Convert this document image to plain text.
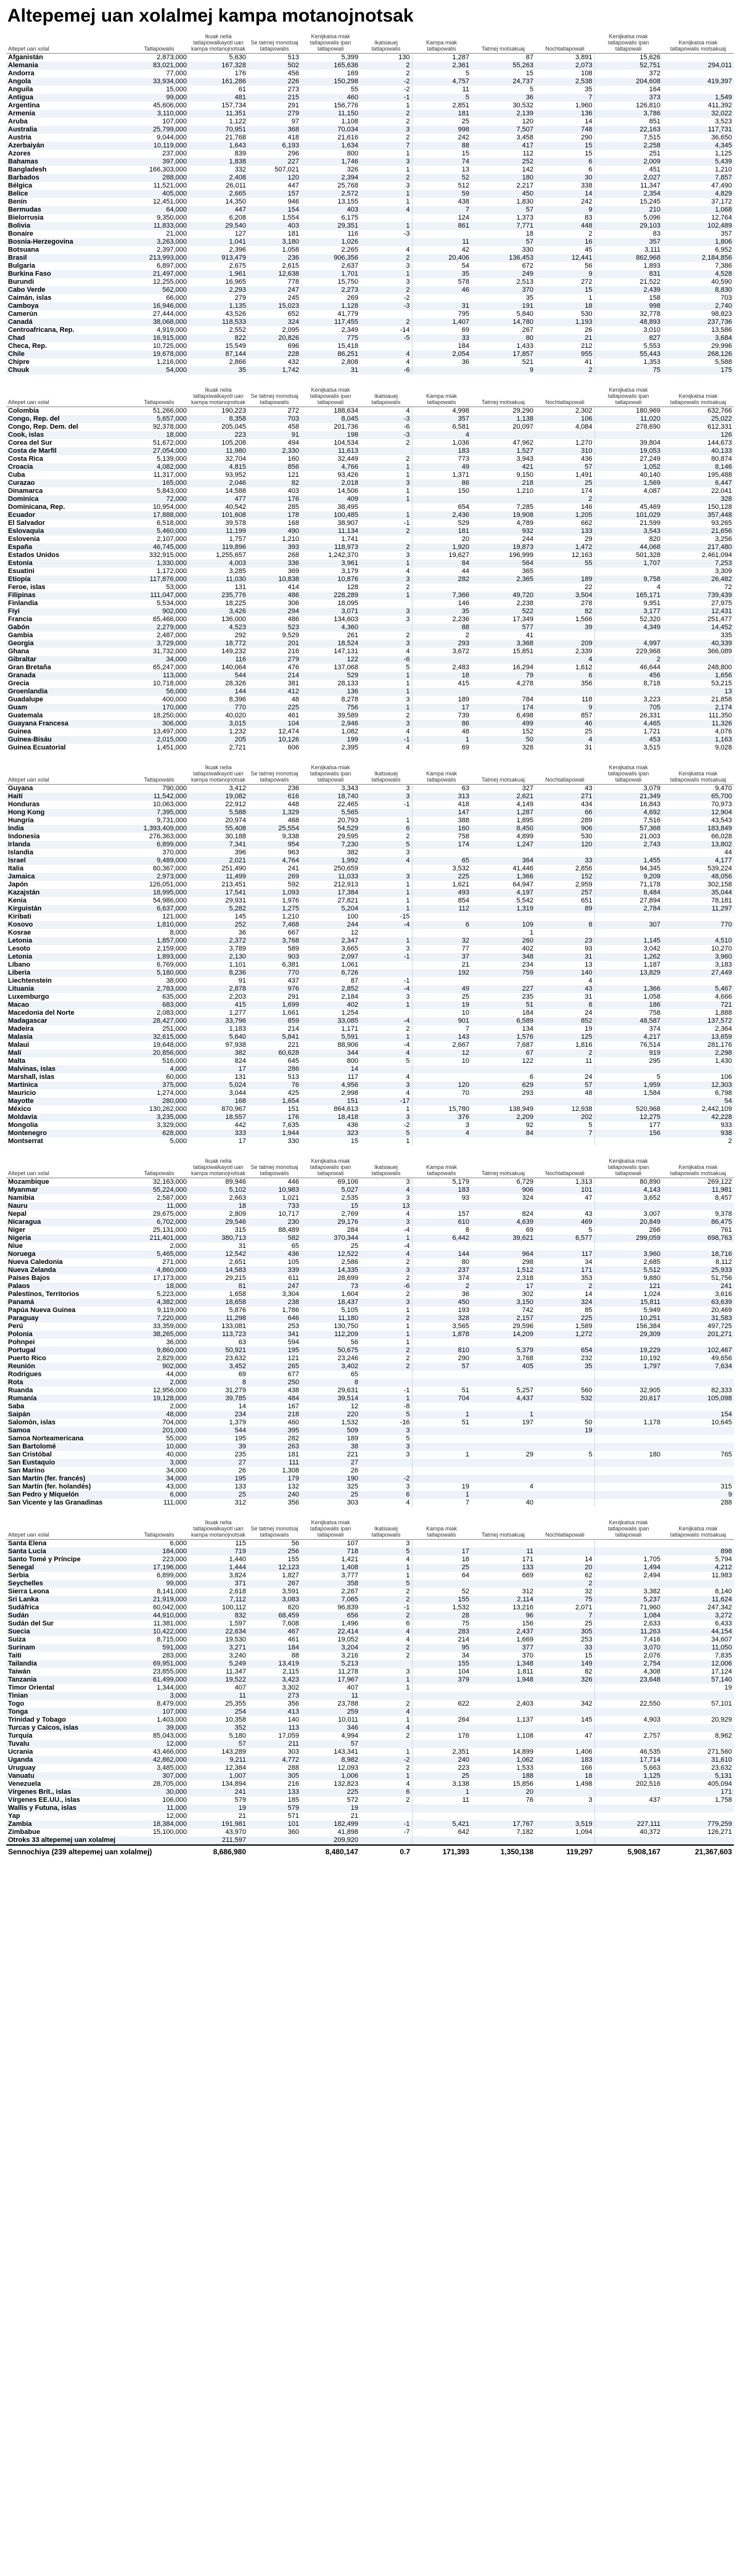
Altepemej uan xolalmej kampa motanojnotsak
Altepet uan xolal	Tatlapowalis	Ikuak nelia tatlapowalkayotl uan kampa motanojnotsak	Se tatmej monotsaj tatlapowalis	Kenijkatsa miak tatlapowalis ipan tatlapowali	Ikatsiauej tatlapowalis	Kampa miak tatlapowalis	Tatmej motsakuaj	Nochtatlapowali	Kenijkatsa miak tatlapowalis ipan tatlapowali	Kenijkatsa miak tatlapowalis motsakuaj
Afganistán	2,873,000	5,630	513	5,399	130	1,287	87	3,891	15,626	
Alemania	83,021,000	167,328	502	165,636	2	2,361	55,263	2,073	52,751	294,011
Andorra	77,000	176	456	169	2	5	15	108	372	
Angola	33,934,000	161,286	226	150,298	-2	4,757	24,737	2,538	204,608	419,397
Anguila	15,000	61	273	55	-2	11	5	35	164	
Antigua	99,000	481	215	460	-1	5	36	7	373	1,549
Argentina	45,606,000	157,734	291	156,776	1	2,851	30,532	1,960	126,810	411,392
Armenia	3,110,000	11,351	279	11,150	2	181	2,139	136	3,786	32,022
Aruba	107,000	1,122	97	1,108	2	25	120	14	851	3,523
Australia	25,799,000	70,951	368	70,034	3	998	7,507	748	22,163	117,731
Austria	9,044,000	21,768	418	21,616	2	242	3,458	290	7,515	36,650
Azerbaiyán	10,119,000	1,643	6,193	1,634	7	88	417	15	2,258	4,345
Azores	237,000	839	296	800	1	15	112	15	251	1,125
Bahamas	397,000	1,838	227	1,746	3	74	252	6	2,009	5,439
Bangladesh	166,303,000	332	507,021	326	1	13	142	6	451	1,210
Barbados	288,000	2,408	120	2,394	2	52	180	30	2,027	7,857
Bélgica	11,521,000	26,011	447	25,768	3	512	2,217	338	11,347	47,490
Belice	405,000	2,665	157	2,572	1	59	450	14	2,354	4,829
Benín	12,451,000	14,350	946	13,155	1	438	1,830	242	15,245	37,172
Bermudas	64,000	447	154	403	4	7	57	9	210	1,068
Bielorrusia	9,350,000	6,208	1,554	6,175		124	1,373	83	5,096	12,764
Bolivia	11,833,000	29,540	403	29,351	1	861	7,771	448	29,103	102,489
Bonaire	21,000	127	181	116	-3		18	2	83	357
Bosnia-Herzegovina	3,263,000	1,041	3,180	1,026		11	57	16	357	1,806
Botsuana	2,397,000	2,396	1,058	2,265	4	42	330	45	3,111	6,952
Brasil	213,993,000	913,479	236	906,356	2	20,406	136,453	12,441	862,968	2,184,856
Bulgaria	6,897,000	2,675	2,615	2,637	3	54	672	56	1,893	7,386
Burkina Faso	21,497,000	1,961	12,638	1,701	1	35	249	9	831	4,528
Burundi	12,255,000	16,965	778	15,750	3	578	2,513	272	21,522	40,590
Cabo Verde	562,000	2,293	247	2,273	2	46	370	15	2,439	8,830
Caimán, islas	66,000	279	245	269	-2		35	1	158	703
Camboya	16,946,000	1,135	15,023	1,128	-3	31	191	18	998	2,740
Camerún	27,444,000	43,526	652	41,779		795	5,840	530	32,778	98,823
Canadá	38,068,000	118,533	324	117,455	2	1,407	14,780	1,193	48,893	237,736
Centroafricana, Rep.	4,919,000	2,552	2,095	2,349	-14	69	267	26	3,010	13,586
Chad	16,915,000	822	20,826	775	-5	33	80	21	827	3,684
Checa, Rep.	10,725,000	15,549	696	15,418		184	1,433	212	5,553	29,996
Chile	19,678,000	87,144	228	86,251	4	2,054	17,857	955	55,443	268,126
Chipre	1,216,000	2,866	432	2,808	4	36	521	41	1,353	5,588
Chuuk	54,000	35	1,742	31	-6		9	2	75	175
Altepet uan xolal	Tatlapowalis	Ikuak nelia tatlapowalkayotl uan kampa motanojnotsak	Se tatmej monotsaj tatlapowalis	Kenijkatsa miak tatlapowalis ipan tatlapowali	Ikatsiauej tatlapowalis	Kampa miak tatlapowalis	Tatmej motsakuaj	Nochtatlapowali	Kenijkatsa miak tatlapowalis ipan tatlapowali	Kenijkatsa miak tatlapowalis motsakuaj
Colombia	51,266,000	190,223	272	188,634	4	4,998	29,290	2,302	180,969	632,766
Congo, Rep. del	5,657,000	8,358	703	8,045	-3	357	1,138	106	11,020	25,022
Congo, Rep. Dem. del	92,378,000	205,045	458	201,736	-6	6,581	20,097	4,084	278,690	612,331
Cook, islas	18,000	223	91	198	-3	4				126
Corea del Sur	51,672,000	105,208	494	104,534	2	1,036	47,962	1,270	39,804	144,673
Costa de Marfil	27,054,000	11,980	2,330	11,613		183	1,527	310	19,053	40,133
Costa Rica	5,139,000	32,704	160	32,449	2	773	3,943	436	27,249	80,874
Croacia	4,082,000	4,815	856	4,766	1	49	421	57	1,052	8,146
Cuba	11,317,000	93,952	121	93,426	1	1,371	9,150	1,491	40,140	195,488
Curazao	165,000	2,046	82	2,018	3	86	218	25	1,569	6,447
Dinamarca	5,843,000	14,588	403	14,506	1	150	1,210	174	4,087	22,041
Dominica	72,000	477	176	409	1			2		328
Dominicana, Rep.	10,954,000	40,542	285	38,495		654	7,285	146	45,469	150,128
Ecuador	17,888,000	101,608	178	100,485	1	2,436	19,908	1,205	101,029	357,448
El Salvador	6,518,000	39,578	168	38,907	-1	529	4,789	662	21,599	93,265
Eslovaquia	5,460,000	11,199	490	11,134	2	181	932	133	3,543	21,656
Eslovenia	2,107,000	1,757	1,210	1,741		20	244	29	820	3,256
España	46,745,000	119,896	393	118,973	2	1,920	19,873	1,472	44,068	217,480
Estados Unidos	332,915,000	1,255,657	268	1,242,370	3	19,627	196,999	12,163	501,328	2,461,094
Estonia	1,330,000	4,003	336	3,961	1	84	564	55	1,707	7,253
Esuatini	1,172,000	3,285	369	3,179	4	44	365			3,309
Etiopía	117,876,000	11,030	10,838	10,876	3	282	2,365	189	9,758	26,482
Feroe, islas	53,000	131	414	128	2			22	4	72
Filipinas	111,047,000	235,776	486	228,289	1	7,366	49,720	3,504	165,171	739,439
Finlandia	5,534,000	18,225	306	18,095		146	2,238	278	9,951	27,975
Fiyi	902,000	3,426	294	3,071	3	35	522	82	3,177	12,431
Francia	65,466,000	136,000	486	134,603	3	2,236	17,349	1,566	52,320	251,477
Gabón	2,279,000	4,523	523	4,360		88	577	39	4,349	14,452
Gambia	2,487,000	292	9,529	261	2	2	41			335
Georgia	3,729,000	18,772	201	18,524	3	293	3,368	209	4,997	40,339
Ghana	31,732,000	149,232	216	147,131	4	3,672	15,851	2,339	229,968	366,089
Gibraltar	34,000	116	279	122	-6			4	2	
Gran Bretaña	65,247,000	140,064	476	137,068	5	2,483	16,294	1,612	46,644	248,800
Granada	113,000	544	214	529	1	18	79	6	456	1,656
Grecia	10,718,000	28,326	381	28,133	1	415	4,278	356	8,718	53,215
Groenlandia	56,000	144	412	136	1					13
Guadalupe	400,000	8,396	48	8,278	3	189	784	118	3,223	21,858
Guam	170,000	770	225	756	1	17	174	9	705	2,174
Guatemala	18,250,000	40,020	461	39,589	2	739	6,498	857	26,331	111,350
Guayana Francesa	306,000	3,015	104	2,946	3	86	499	46	4,465	11,326
Guinea	13,497,000	1,232	12,474	1,082	4	48	152	25	1,721	4,076
Guinea-Bisáu	2,015,000	205	10,126	199	-1	1	50	4	453	1,163
Guinea Ecuatorial	1,451,000	2,721	606	2,395	4	69	328	31	3,515	9,028
Altepet uan xolal	Tatlapowalis	Ikuak nelia tatlapowalkayotl uan kampa motanojnotsak	Se tatmej monotsaj tatlapowalis	Kenijkatsa miak tatlapowalis ipan tatlapowali	Ikatsiauej tatlapowalis	Kampa miak tatlapowalis	Tatmej motsakuaj	Nochtatlapowali	Kenijkatsa miak tatlapowalis ipan tatlapowali	Kenijkatsa miak tatlapowalis motsakuaj
Guyana	790,000	3,412	236	3,343	3	63	327	43	3,079	9,470
Haití	11,542,000	19,082	616	18,740	3	313	2,621	271	21,349	65,700
Honduras	10,063,000	22,912	448	22,465	-1	418	4,149	434	16,843	70,973
Hong Kong	7,395,000	5,588	1,329	5,565		147	1,287	66	4,692	12,904
Hungría	9,731,000	20,974	468	20,793	1	388	1,895	289	7,516	43,543
India	1,393,409,000	55,408	25,554	54,529	6	160	8,450	906	57,368	183,849
Indonesia	276,363,000	30,188	9,338	29,595	2	758	4,899	530	21,003	66,028
Irlanda	6,899,000	7,341	954	7,230	5	174	1,247	120	2,743	13,802
Islandia	370,000	396	963	382	3					44
Israel	9,489,000	2,021	4,764	1,992	4	65	364	33	1,455	4,177
Italia	60,367,000	251,490	241	250,659		3,532	41,446	2,856	94,345	539,224
Jamaica	2,973,000	11,499	269	11,033	3	225	1,366	152	9,209	48,056
Japón	126,051,000	213,451	592	212,913	1	1,621	64,947	2,959	71,178	302,158
Kazajstán	18,995,000	17,541	1,093	17,384	1	493	4,197	257	8,484	35,044
Kenia	54,986,000	29,931	1,976	27,821	1	854	5,542	651	27,894	78,181
Kirguistán	6,637,000	5,282	1,275	5,204	1	112	1,319	89	2,784	11,297
Kiribati	121,000	145	1,210	100	-15					
Kosovo	1,810,000	252	7,468	244	-4	6	109	8	307	770
Kosrae	8,000	36	667	12			1			
Letonia	1,857,000	2,372	3,768	2,347	1	32	260	23	1,145	4,510
Lesoto	2,159,000	3,789	589	3,665	3	77	402	93	3,042	10,270
Letonia	1,893,000	2,130	903	2,097	-1	37	348	31	1,262	3,960
Líbano	6,769,000	1,101	6,381	1,061		21	234	13	1,187	3,183
Liberia	5,180,000	8,236	770	6,726		192	759	140	13,829	27,449
Liechtenstein	38,000	91	437	87	-1			4		
Lituania	2,783,000	2,878	976	2,852	-4	49	227	43	1,366	5,467
Luxemburgo	635,000	2,203	291	2,184	3	25	235	31	1,058	4,666
Macao	683,000	415	1,699	402	1	19	51	8	186	721
Macedonia del Norte	2,083,000	1,277	1,661	1,254		10	184	24	758	1,888
Madagascar	28,427,000	33,796	859	33,085	-4	901	6,589	852	48,587	137,572
Madeira	251,000	1,183	214	1,171	2	7	134	19	374	2,364
Malasia	32,615,000	5,640	5,841	5,591	1	143	1,576	125	4,217	13,659
Malaui	19,648,000	97,938	221	88,906	-4	2,667	7,687	1,816	76,514	281,176
Malí	20,856,000	382	60,628	344	4	12	67	2	919	2,298
Malta	516,000	824	645	800	5	10	122	11	295	1,430
Malvinas, islas	4,000	17	286	14						
Marshall, islas	60,000	131	513	117	4		6	24	5	106
Martinica	375,000	5,024	76	4,956	3	120	629	57	1,959	12,303
Mauricio	1,274,000	3,044	425	2,998	4	70	293	48	1,584	6,798
Mayotte	280,000	168	1,654	151	-17					54
México	130,262,000	870,967	151	864,613	1	15,780	138,949	12,938	520,968	2,442,109
Moldavia	3,235,000	18,557	176	18,418	3	376	2,209	202	12,275	42,228
Mongolia	3,329,000	442	7,635	436	-2	3	92	5	177	933
Montenegro	628,000	333	1,944	323	5	4	84	7	156	938
Montserrat	5,000	17	330	15	1					2
Altepet uan xolal	Tatlapowalis	Ikuak nelia tatlapowalkayotl uan kampa motanojnotsak	Se tatmej monotsaj tatlapowalis	Kenijkatsa miak tatlapowalis ipan tatlapowali	Ikatsiauej tatlapowalis	Kampa miak tatlapowalis	Tatmej motsakuaj	Nochtatlapowali	Kenijkatsa miak tatlapowalis ipan tatlapowali	Kenijkatsa miak tatlapowalis motsakuaj
Mozambique	32,163,000	89,946	446	69,106	3	5,179	6,729	1,313	80,890	269,122
Myanmar	55,224,000	5,102	10,983	5,027	4	183	906	101	4,143	11,981
Namibia	2,587,000	2,663	1,021	2,535	3	93	324	47	3,652	8,457
Nauru	11,000	18	733	15	13					
Nepal	29,675,000	2,809	10,717	2,769	4	157	824	43	3,007	9,378
Nicaragua	6,702,000	29,546	230	29,176	3	610	4,639	469	20,849	86,475
Níger	25,131,000	315	88,489	284	-4	8	69	5	266	761
Nigeria	211,401,000	380,713	582	370,344	1	6,442	39,621	6,577	299,059	698,763
Niue	2,000	31	65	25	-4					
Noruega	5,465,000	12,542	436	12,522	4	144	964	117	3,960	18,716
Nueva Caledonia	271,000	2,651	105	2,586	2	80	298	34	2,685	8,112
Nueva Zelanda	4,860,000	14,583	339	14,335	3	237	1,512	171	5,512	25,933
Países Bajos	17,173,000	29,215	611	28,699	2	374	2,318	353	9,880	51,756
Palaos	18,000	81	247	73	-6	2	17	2	121	241
Palestinos, Territorios	5,223,000	1,658	3,304	1,604	2	36	302	14	1,024	3,616
Panamá	4,382,000	18,658	238	18,437	3	450	3,150	324	15,811	63,639
Papúa Nueva Guinea	9,119,000	5,876	1,786	5,105	1	193	742	85	5,949	20,469
Paraguay	7,220,000	11,298	646	11,180	2	328	2,157	225	10,251	31,583
Perú	33,359,000	133,081	253	130,750	1	3,565	29,596	1,589	156,384	497,725
Polonia	38,265,000	113,723	341	112,209	1	1,878	14,209	1,272	29,309	201,271
Pohnpei	36,000	63	594	56	1					
Portugal	9,860,000	50,921	195	50,675	2	810	5,379	654	19,229	102,467
Puerto Rico	2,829,000	23,632	121	23,246	2	290	3,768	232	10,192	49,656
Reunión	902,000	3,452	265	3,402	2	57	405	35	1,797	7,634
Rodrigues	44,000	69	677	65						
Rota	2,000	8	250	8						
Ruanda	12,956,000	31,279	438	29,631	-1	51	5,257	560	32,905	82,333
Rumanía	19,128,000	39,785	484	39,514	1	704	4,437	532	20,617	105,098
Saba	2,000	14	167	12	-8					
Saipán	48,000	234	218	220	5	1	1			154
Salomón, islas	704,000	1,379	460	1,532	-16	51	197	50	1,178	10,645
Samoa	201,000	544	395	509	3			19		
Samoa Norteamericana	55,000	195	282	189	5					
San Bartolomé	10,000	39	263	38	3					
San Cristóbal	40,000	235	181	221	3	1	29	5	180	765
San Eustaquio	3,000	27	111	27						
San Marino	34,000	26	1,308	26						
San Martín (fer. francés)	34,000	195	179	190	-2					
San Martín (fer. holandés)	43,000	133	132	325	3	19	4			315
San Pedro y Miquelón	6,000	25	240	25	6	1				9
San Vicente y las Granadinas	111,000	312	356	303	4	7	40			288
Altepet uan xolal	Tatlapowalis	Ikuak nelia tatlapowalkayotl uan kampa motanojnotsak	Se tatmej monotsaj tatlapowalis	Kenijkatsa miak tatlapowalis ipan tatlapowali	Ikatsiauej tatlapowalis	Kampa miak tatlapowalis	Tatmej motsakuaj	Nochtatlapowali	Kenijkatsa miak tatlapowalis ipan tatlapowali	Kenijkatsa miak tatlapowalis motsakuaj
Santa Elena	6,000	115	56	107	3					
Santa Lucía	184,000	719	256	718	5	17	11			898
Santo Tomé y Príncipe	223,000	1,440	155	1,421	4	18	171	14	1,705	5,794
Senegal	17,196,000	1,444	12,123	1,408	1	25	133	20	1,494	4,212
Serbia	6,899,000	3,824	1,827	3,777	1	64	669	62	2,494	11,983
Seychelles	99,000	371	267	358	5			2		
Sierra Leona	8,141,000	2,618	3,591	2,267	2	52	312	32	3,382	8,140
Sri Lanka	21,919,000	7,112	3,083	7,065	2	155	2,114	75	5,237	11,624
Sudáfrica	60,042,000	100,112	620	96,839	-1	1,532	13,216	2,071	71,960	247,342
Sudán	44,910,000	832	68,459	656	2	28	96	7	1,084	3,272
Sudán del Sur	11,381,000	1,597	7,608	1,496	6	75	156	25	2,633	6,433
Suecia	10,422,000	22,634	467	22,414	4	283	2,437	305	11,263	44,154
Suiza	8,715,000	19,530	461	19,052	4	214	1,669	253	7,416	34,607
Surinam	591,000	3,271	184	3,204	2	95	377	33	3,070	11,050
Taiti	283,000	3,240	88	3,216	2	34	370	15	2,076	7,835
Tailandia	69,951,000	5,249	13,419	5,213		155	1,348	149	2,754	12,006
Taiwán	23,855,000	11,347	2,115	11,278	3	104	1,811	82	4,308	17,124
Tanzania	61,499,000	19,522	3,423	17,967	1	379	1,948	326	23,648	57,140
Timor Oriental	1,344,000	407	3,302	407	1					19
Tinian	3,000	11	273	11						
Togo	8,479,000	25,355	356	23,788	2	622	2,403	342	22,550	57,101
Tonga	107,000	254	413	259	4					
Trinidad y Tobago	1,403,000	10,358	140	10,011	1	264	1,137	145	4,903	20,929
Turcas y Caicos, islas	39,000	352	113	346	4					
Turquía	85,043,000	5,180	17,059	4,994	2	176	1,108	47	2,757	8,962
Tuvalu	12,000	57	211	57						
Ucrania	43,466,000	143,289	303	143,341	1	2,351	14,899	1,406	46,535	271,560
Uganda	42,862,000	9,211	4,772	8,982	-2	240	1,062	183	17,714	31,610
Uruguay	3,485,000	12,384	288	12,093	2	223	1,533	166	5,663	23,632
Vanuatu	307,000	1,007	305	1,006	1	25	188	18	1,125	5,131
Venezuela	28,705,000	134,894	216	132,823	4	3,138	15,856	1,498	202,516	405,094
Vírgenes Brit., islas	30,000	241	133	225	6	1	20			171
Vírgenes EE.UU., islas	106,000	579	185	572	2	11	76	3	437	1,758
Wallis y Futuna, islas	11,000	19	579	19						
Yap	12,000	21	571	21						
Zambia	18,384,000	191,981	101	182,499	-1	5,421	17,767	3,519	227,111	779,259
Zimbabue	15,100,000	43,970	360	41,898	-7	642	7,182	1,094	40,372	126,271
Otroks 33 altepemej uan xolalmej		211,597		209,920						
Sennochiya (239 altepemej uan xolalmej)		8,686,980		8,480,147	0.7	171,393	1,350,138	119,297	5,908,167	21,367,603
